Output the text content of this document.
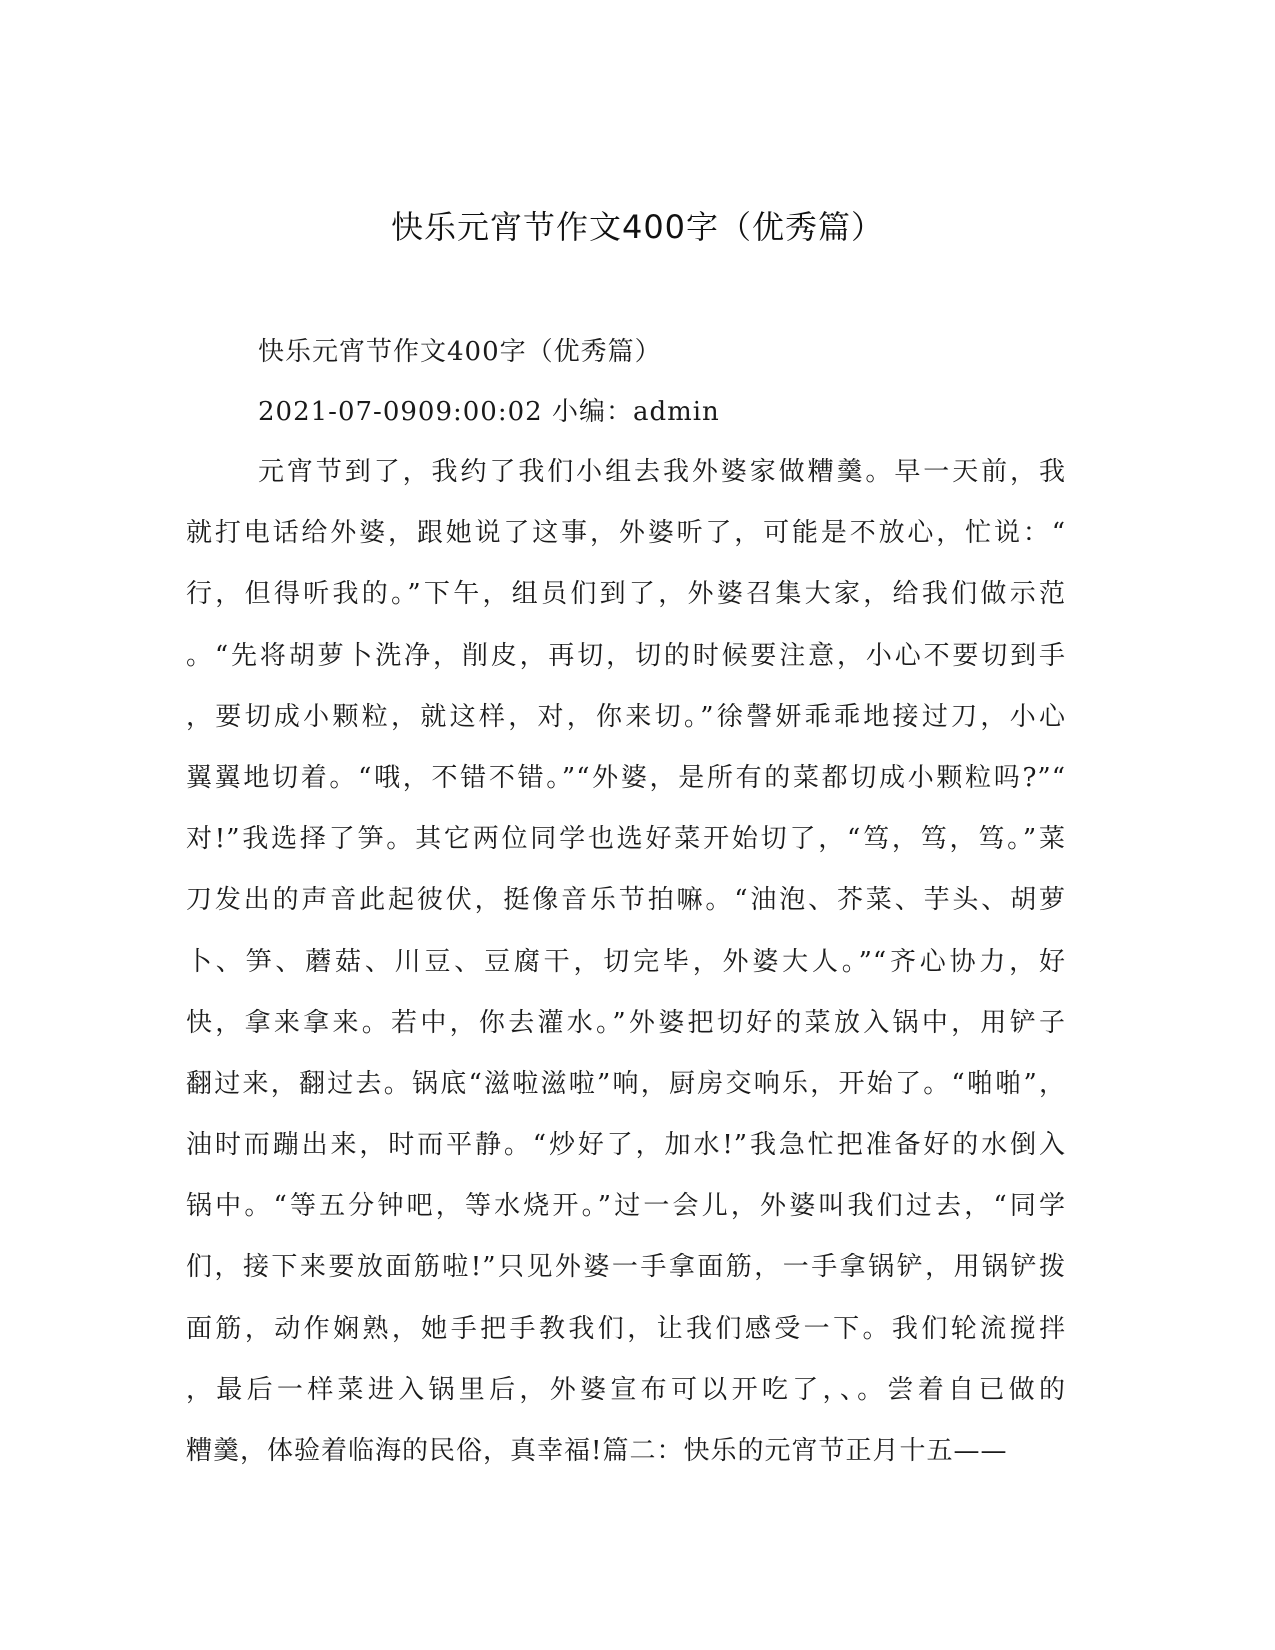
快乐元宵节作文400字（优秀篇）
快乐元宵节作文400字（优秀篇）
2021-07-0909:00:02 小编：admin
元宵节到了，我约了我们小组去我外婆家做糟羹。早一天前，我
就打电话给外婆，跟她说了这事，外婆听了，可能是不放心，忙说：“
行，但得听我的。”下午，组员们到了，外婆召集大家，给我们做示范
。“先将胡萝卜洗净，削皮，再切，切的时候要注意，小心不要切到手
，要切成小颗粒，就这样，对，你来切。”徐謦妍乖乖地接过刀，小心
翼翼地切着。“哦，不错不错。”“外婆，是所有的菜都切成小颗粒吗?”“
对!”我选择了笋。其它两位同学也选好菜开始切了，“笃，笃，笃。”菜
刀发出的声音此起彼伏，挺像音乐节拍嘛。“油泡、芥菜、芋头、胡萝
卜、笋、蘑菇、川豆、豆腐干，切完毕，外婆大人。”“齐心协力，好
快，拿来拿来。若中，你去灌水。”外婆把切好的菜放入锅中，用铲子
翻过来，翻过去。锅底“滋啦滋啦”响，厨房交响乐，开始了。“啪啪”，
油时而蹦出来，时而平静。“炒好了，加水!”我急忙把准备好的水倒入
锅中。“等五分钟吧，等水烧开。”过一会儿，外婆叫我们过去，“同学
们，接下来要放面筋啦!”只见外婆一手拿面筋，一手拿锅铲，用锅铲拨
面筋，动作娴熟，她手把手教我们，让我们感受一下。我们轮流搅拌
，最后一样菜进入锅里后，外婆宣布可以开吃了，、。尝着自已做的
糟羹，体验着临海的民俗，真幸福!篇二：快乐的元宵节正月十五——
